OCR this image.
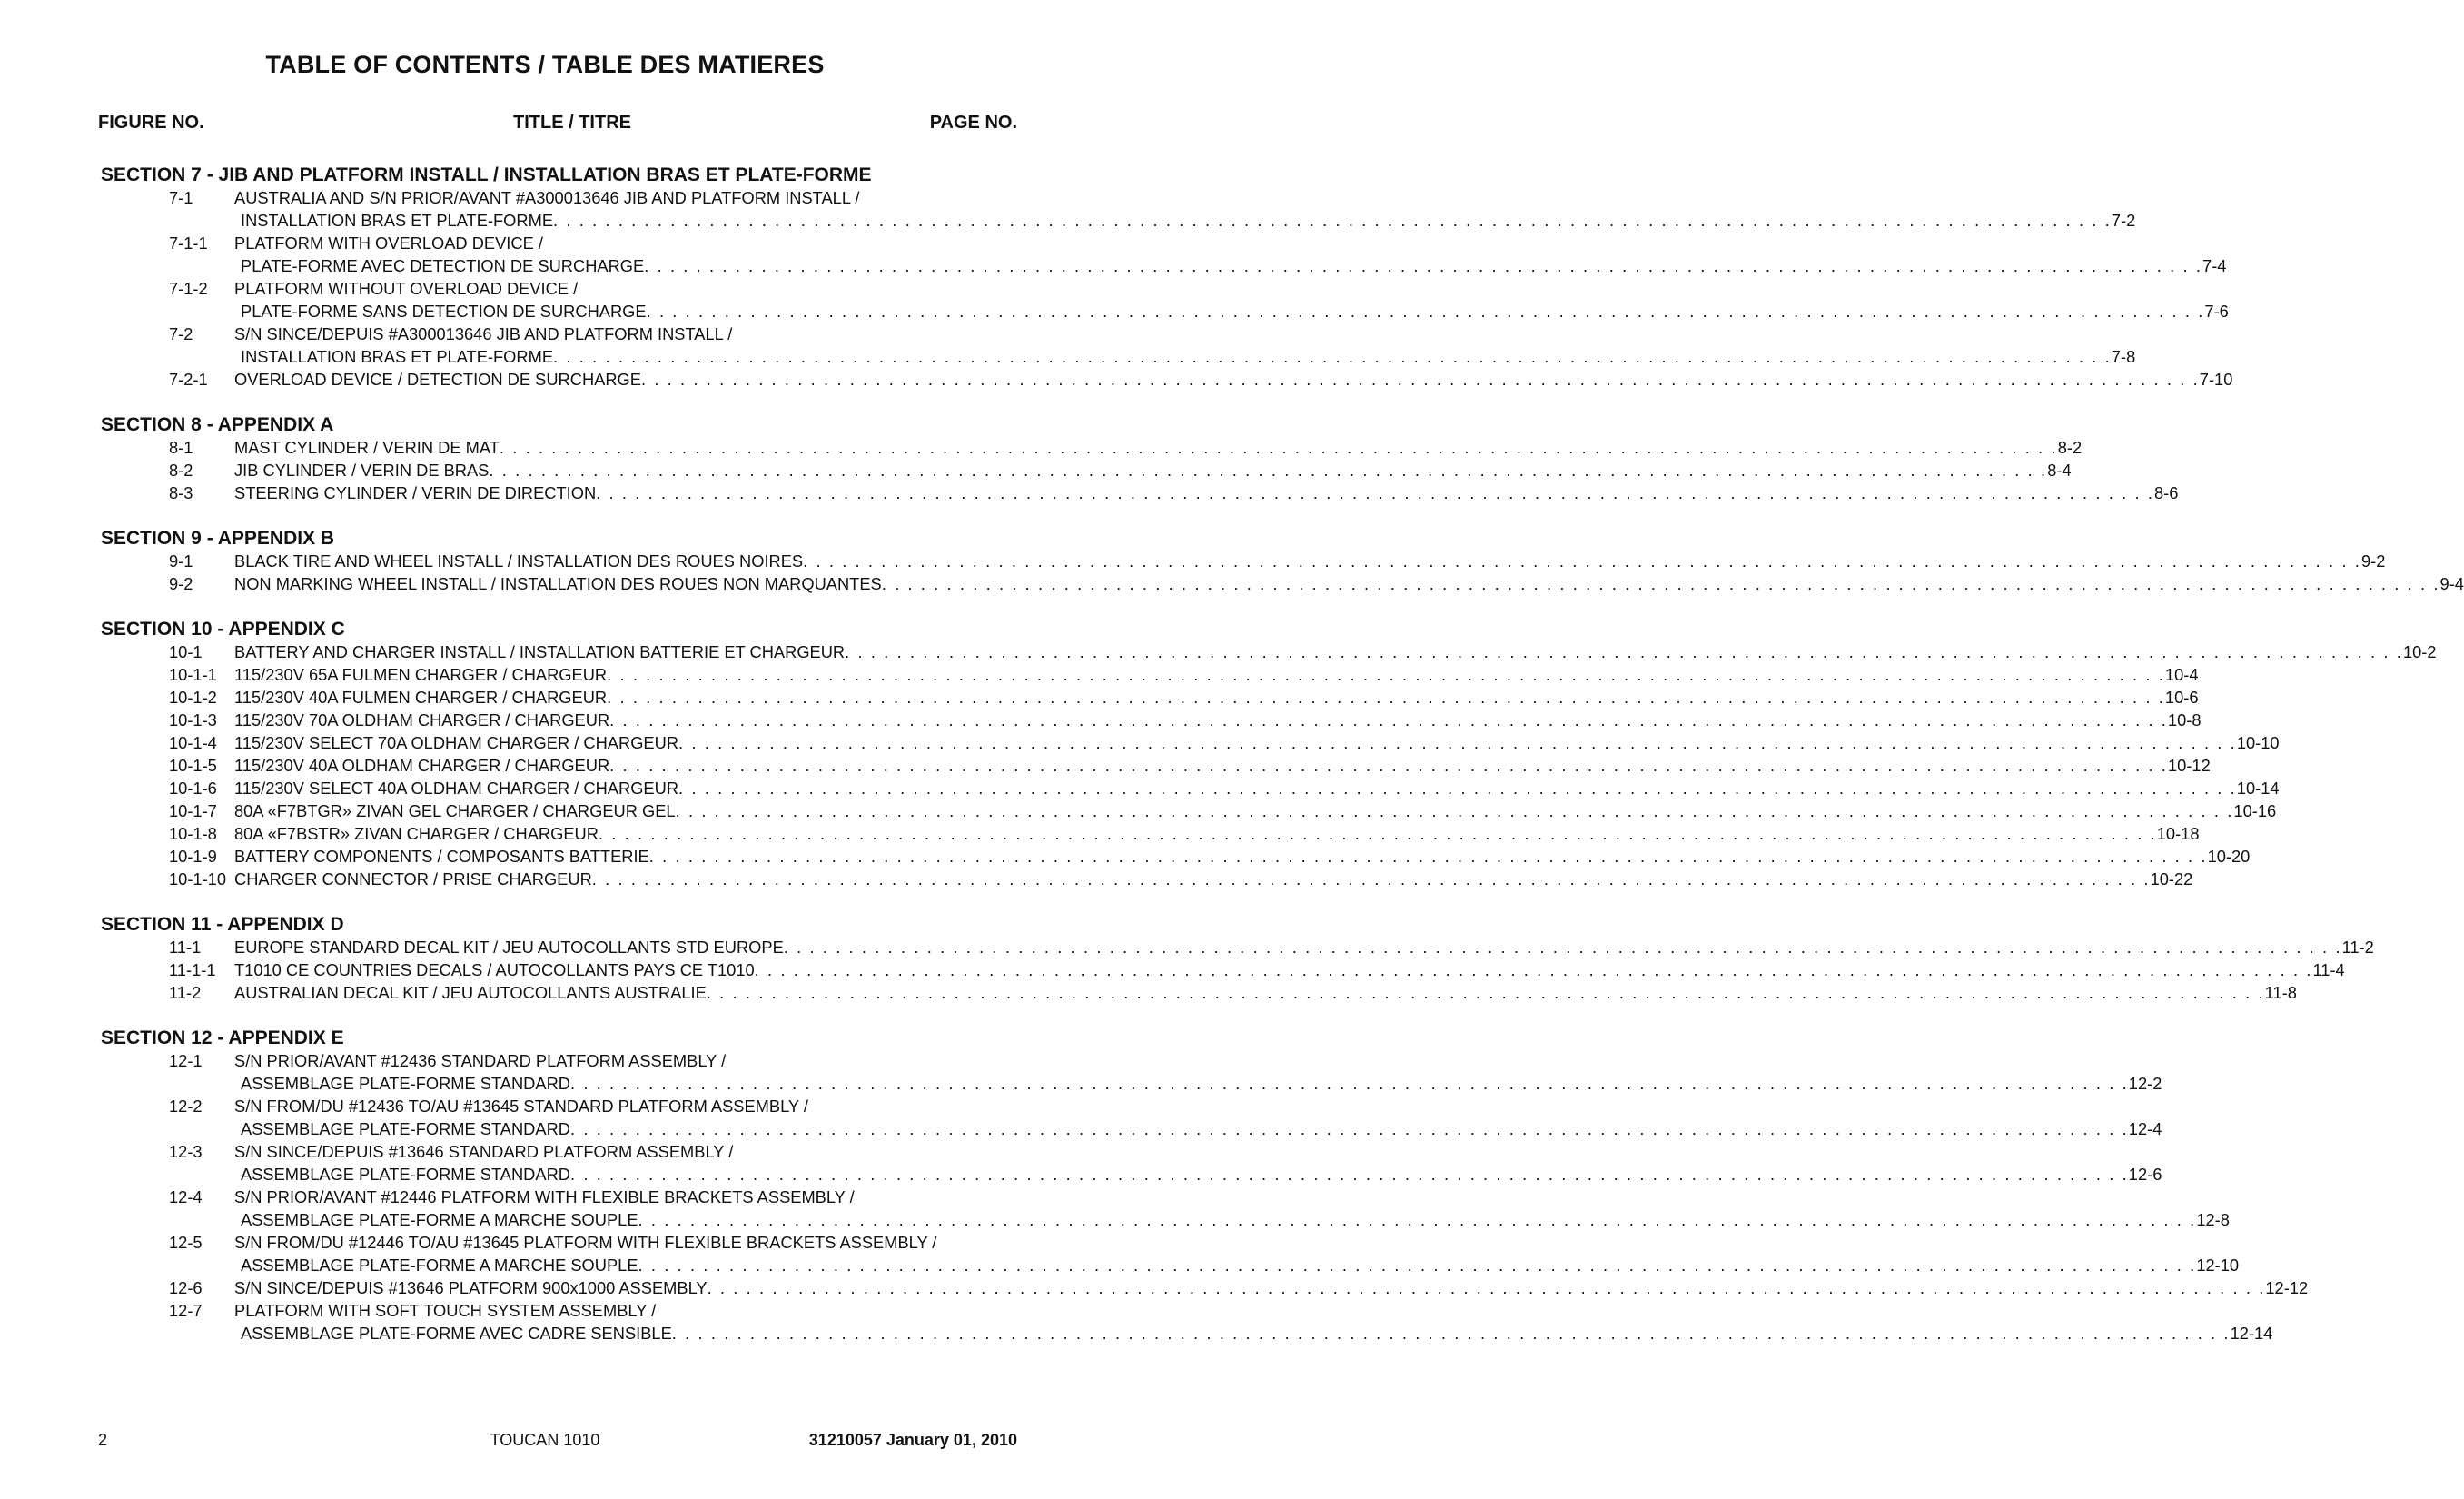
TABLE OF CONTENTS / TABLE DES MATIERES
FIGURE NO.	TITLE / TITRE	PAGE NO.
SECTION 7 - JIB AND PLATFORM INSTALL / INSTALLATION BRAS ET PLATE-FORME
7-1	AUSTRALIA AND S/N PRIOR/AVANT #A300013646 JIB AND PLATFORM INSTALL /
INSTALLATION BRAS ET PLATE-FORME . . . . . . . . . . . . . . . . . . . . . . . . . . . . . . . . . . . . . . . . . . . . . . . . . . . . . . . . . . . . . . . . . . . . . . . . . . . . . . . . . . . . . . . . . . . . . . . . . . . . . . . . . . . . . . . . . . . . . . . . 7-2
7-1-1	PLATFORM WITH OVERLOAD DEVICE /
PLATE-FORME AVEC DETECTION DE SURCHARGE . . . . . . . . . . . . . . . . . . . . . . . . . . . . . . . . . . . . . . . . . . . . . . . . . . . . . . . . . . . . . . . . . . . . . . . . . . . . . . . . . . . . . . . . . . . . . . . . . . . . . . . . . . . . . . . . . . . . . . . . 7-4
7-1-2	PLATFORM WITHOUT OVERLOAD DEVICE /
PLATE-FORME SANS DETECTION DE SURCHARGE . . . . . . . . . . . . . . . . . . . . . . . . . . . . . . . . . . . . . . . . . . . . . . . . . . . . . . . . . . . . . . . . . . . . . . . . . . . . . . . . . . . . . . . . . . . . . . . . . . . . . . . . . . . . . . . . . . . . . . . . 7-6
7-2	S/N SINCE/DEPUIS #A300013646 JIB AND PLATFORM INSTALL /
INSTALLATION BRAS ET PLATE-FORME . . . . . . . . . . . . . . . . . . . . . . . . . . . . . . . . . . . . . . . . . . . . . . . . . . . . . . . . . . . . . . . . . . . . . . . . . . . . . . . . . . . . . . . . . . . . . . . . . . . . . . . . . . . . . . . . . . . . . . . . 7-8
7-2-1	OVERLOAD DEVICE / DETECTION DE SURCHARGE . . . . . . . . . . . . . . . . . . . . . . . . . . . . . . . . . . . . . . . . . . . . . . . . . . . . . . . . . . . . . . . . . . . . . . . . . . . . . . . . . . . . . . . . . . . . . . . . . . . . . . . . . . . . . . . . . . . . . . . . 7-10
SECTION 8 - APPENDIX A
8-1	MAST CYLINDER / VERIN DE MAT . . . . . . . . . . . . . . . . . . . . . . . . . . . . . . . . . . . . . . . . . . . . . . . . . . . . . . . . . . . . . . . . . . . . . . . . . . . . . . . . . . . . . . . . . . . . . . . . . . . . . . . . . . . . . . . . . . . . . . . . 8-2
8-2	JIB CYLINDER / VERIN DE BRAS . . . . . . . . . . . . . . . . . . . . . . . . . . . . . . . . . . . . . . . . . . . . . . . . . . . . . . . . . . . . . . . . . . . . . . . . . . . . . . . . . . . . . . . . . . . . . . . . . . . . . . . . . . . . . . . . . . . . . . . . 8-4
8-3	STEERING CYLINDER / VERIN DE DIRECTION . . . . . . . . . . . . . . . . . . . . . . . . . . . . . . . . . . . . . . . . . . . . . . . . . . . . . . . . . . . . . . . . . . . . . . . . . . . . . . . . . . . . . . . . . . . . . . . . . . . . . . . . . . . . . . . . . . . . . . . . 8-6
SECTION 9 - APPENDIX B
9-1	BLACK TIRE AND WHEEL INSTALL / INSTALLATION DES ROUES NOIRES . . . . . . . . . . . . . . . . . . . . . . . . . . . . . . . . . . . . . . . . . . . . . . . . . . . . . . . . . . . . . . . . . . . . . . . . . . . . . . . . . . . . . . . . . . . . . . . . . . . . . . . . . . . . . . . . . . . . . . . . 9-2
9-2	NON MARKING WHEEL INSTALL / INSTALLATION DES ROUES NON MARQUANTES . . . . . . . . . . . . . . . . . . . . . . . . . . . . . . . . . . . . . . . . . . . . . . . . . . . . . . . . . . . . . . . . . . . . . . . . . . . . . . . . . . . . . . . . . . . . . . . . . . . . . . . . . . . . . . . . . . . . . . . . 9-4
SECTION 10 - APPENDIX C
10-1	BATTERY AND CHARGER INSTALL / INSTALLATION BATTERIE ET CHARGEUR . . . . . . . . . . . . . . . . . . . . . . . . . . . . . . . . . . . . . . . . . . . . . . . . . . . . . . . . . . . . . . . . . . . . . . . . . . . . . . . . . . . . . . . . . . . . . . . . . . . . . . . . . . . . . . . . . . . . . . . . 10-2
10-1-1	115/230V 65A FULMEN CHARGER / CHARGEUR . . . . . . . . . . . . . . . . . . . . . . . . . . . . . . . . . . . . . . . . . . . . . . . . . . . . . . . . . . . . . . . . . . . . . . . . . . . . . . . . . . . . . . . . . . . . . . . . . . . . . . . . . . . . . . . . . . . . . . . . 10-4
10-1-2	115/230V 40A FULMEN CHARGER / CHARGEUR . . . . . . . . . . . . . . . . . . . . . . . . . . . . . . . . . . . . . . . . . . . . . . . . . . . . . . . . . . . . . . . . . . . . . . . . . . . . . . . . . . . . . . . . . . . . . . . . . . . . . . . . . . . . . . . . . . . . . . . . 10-6
10-1-3	115/230V 70A OLDHAM CHARGER / CHARGEUR . . . . . . . . . . . . . . . . . . . . . . . . . . . . . . . . . . . . . . . . . . . . . . . . . . . . . . . . . . . . . . . . . . . . . . . . . . . . . . . . . . . . . . . . . . . . . . . . . . . . . . . . . . . . . . . . . . . . . . . . 10-8
10-1-4	115/230V SELECT 70A OLDHAM CHARGER / CHARGEUR . . . . . . . . . . . . . . . . . . . . . . . . . . . . . . . . . . . . . . . . . . . . . . . . . . . . . . . . . . . . . . . . . . . . . . . . . . . . . . . . . . . . . . . . . . . . . . . . . . . . . . . . . . . . . . . . . . . . . . . . 10-10
10-1-5	115/230V 40A OLDHAM CHARGER / CHARGEUR . . . . . . . . . . . . . . . . . . . . . . . . . . . . . . . . . . . . . . . . . . . . . . . . . . . . . . . . . . . . . . . . . . . . . . . . . . . . . . . . . . . . . . . . . . . . . . . . . . . . . . . . . . . . . . . . . . . . . . . . 10-12
10-1-6	115/230V SELECT 40A OLDHAM CHARGER / CHARGEUR . . . . . . . . . . . . . . . . . . . . . . . . . . . . . . . . . . . . . . . . . . . . . . . . . . . . . . . . . . . . . . . . . . . . . . . . . . . . . . . . . . . . . . . . . . . . . . . . . . . . . . . . . . . . . . . . . . . . . . . . 10-14
10-1-7	80A «F7BTGR» ZIVAN GEL CHARGER / CHARGEUR GEL . . . . . . . . . . . . . . . . . . . . . . . . . . . . . . . . . . . . . . . . . . . . . . . . . . . . . . . . . . . . . . . . . . . . . . . . . . . . . . . . . . . . . . . . . . . . . . . . . . . . . . . . . . . . . . . . . . . . . . . . 10-16
10-1-8	80A «F7BSTR» ZIVAN CHARGER / CHARGEUR . . . . . . . . . . . . . . . . . . . . . . . . . . . . . . . . . . . . . . . . . . . . . . . . . . . . . . . . . . . . . . . . . . . . . . . . . . . . . . . . . . . . . . . . . . . . . . . . . . . . . . . . . . . . . . . . . . . . . . . . 10-18
10-1-9	BATTERY COMPONENTS / COMPOSANTS BATTERIE . . . . . . . . . . . . . . . . . . . . . . . . . . . . . . . . . . . . . . . . . . . . . . . . . . . . . . . . . . . . . . . . . . . . . . . . . . . . . . . . . . . . . . . . . . . . . . . . . . . . . . . . . . . . . . . . . . . . . . . . 10-20
10-1-10 CHARGER CONNECTOR / PRISE CHARGEUR . . . . . . . . . . . . . . . . . . . . . . . . . . . . . . . . . . . . . . . . . . . . . . . . . . . . . . . . . . . . . . . . . . . . . . . . . . . . . . . . . . . . . . . . . . . . . . . . . . . . . . . . . . . . . . . . . . . . . . . . 10-22
SECTION 11 - APPENDIX D
11-1	EUROPE STANDARD DECAL KIT / JEU AUTOCOLLANTS STD EUROPE . . . . . . . . . . . . . . . . . . . . . . . . . . . . . . . . . . . . . . . . . . . . . . . . . . . . . . . . . . . . . . . . . . . . . . . . . . . . . . . . . . . . . . . . . . . . . . . . . . . . . . . . . . . . . . . . . . . . . . . . 11-2
11-1-1	T1010 CE COUNTRIES DECALS / AUTOCOLLANTS PAYS CE T1010 . . . . . . . . . . . . . . . . . . . . . . . . . . . . . . . . . . . . . . . . . . . . . . . . . . . . . . . . . . . . . . . . . . . . . . . . . . . . . . . . . . . . . . . . . . . . . . . . . . . . . . . . . . . . . . . . . . . . . . . . 11-4
11-2	AUSTRALIAN DECAL KIT / JEU AUTOCOLLANTS AUSTRALIE . . . . . . . . . . . . . . . . . . . . . . . . . . . . . . . . . . . . . . . . . . . . . . . . . . . . . . . . . . . . . . . . . . . . . . . . . . . . . . . . . . . . . . . . . . . . . . . . . . . . . . . . . . . . . . . . . . . . . . . . 11-8
SECTION 12 - APPENDIX E
12-1	S/N PRIOR/AVANT #12436 STANDARD PLATFORM ASSEMBLY /
ASSEMBLAGE PLATE-FORME STANDARD . . . . . . . . . . . . . . . . . . . . . . . . . . . . . . . . . . . . . . . . . . . . . . . . . . . . . . . . . . . . . . . . . . . . . . . . . . . . . . . . . . . . . . . . . . . . . . . . . . . . . . . . . . . . . . . . . . . . . . . . 12-2
12-2	S/N FROM/DU #12436 TO/AU #13645 STANDARD PLATFORM ASSEMBLY /
ASSEMBLAGE PLATE-FORME STANDARD . . . . . . . . . . . . . . . . . . . . . . . . . . . . . . . . . . . . . . . . . . . . . . . . . . . . . . . . . . . . . . . . . . . . . . . . . . . . . . . . . . . . . . . . . . . . . . . . . . . . . . . . . . . . . . . . . . . . . . . . 12-4
12-3	S/N SINCE/DEPUIS #13646 STANDARD PLATFORM ASSEMBLY /
ASSEMBLAGE PLATE-FORME STANDARD . . . . . . . . . . . . . . . . . . . . . . . . . . . . . . . . . . . . . . . . . . . . . . . . . . . . . . . . . . . . . . . . . . . . . . . . . . . . . . . . . . . . . . . . . . . . . . . . . . . . . . . . . . . . . . . . . . . . . . . . 12-6
12-4	S/N PRIOR/AVANT #12446 PLATFORM WITH FLEXIBLE BRACKETS ASSEMBLY /
ASSEMBLAGE PLATE-FORME A MARCHE SOUPLE . . . . . . . . . . . . . . . . . . . . . . . . . . . . . . . . . . . . . . . . . . . . . . . . . . . . . . . . . . . . . . . . . . . . . . . . . . . . . . . . . . . . . . . . . . . . . . . . . . . . . . . . . . . . . . . . . . . . . . . . 12-8
12-5	S/N FROM/DU #12446 TO/AU #13645 PLATFORM WITH FLEXIBLE BRACKETS ASSEMBLY /
ASSEMBLAGE PLATE-FORME A MARCHE SOUPLE . . . . . . . . . . . . . . . . . . . . . . . . . . . . . . . . . . . . . . . . . . . . . . . . . . . . . . . . . . . . . . . . . . . . . . . . . . . . . . . . . . . . . . . . . . . . . . . . . . . . . . . . . . . . . . . . . . . . . . . . 12-10
12-6	S/N SINCE/DEPUIS #13646 PLATFORM 900x1000 ASSEMBLY . . . . . . . . . . . . . . . . . . . . . . . . . . . . . . . . . . . . . . . . . . . . . . . . . . . . . . . . . . . . . . . . . . . . . . . . . . . . . . . . . . . . . . . . . . . . . . . . . . . . . . . . . . . . . . . . . . . . . . . . 12-12
12-7	PLATFORM WITH SOFT TOUCH SYSTEM ASSEMBLY /
ASSEMBLAGE PLATE-FORME AVEC CADRE SENSIBLE . . . . . . . . . . . . . . . . . . . . . . . . . . . . . . . . . . . . . . . . . . . . . . . . . . . . . . . . . . . . . . . . . . . . . . . . . . . . . . . . . . . . . . . . . . . . . . . . . . . . . . . . . . . . . . . . . . . . . . . . 12-14
2	TOUCAN 1010	31210057 January 01, 2010
